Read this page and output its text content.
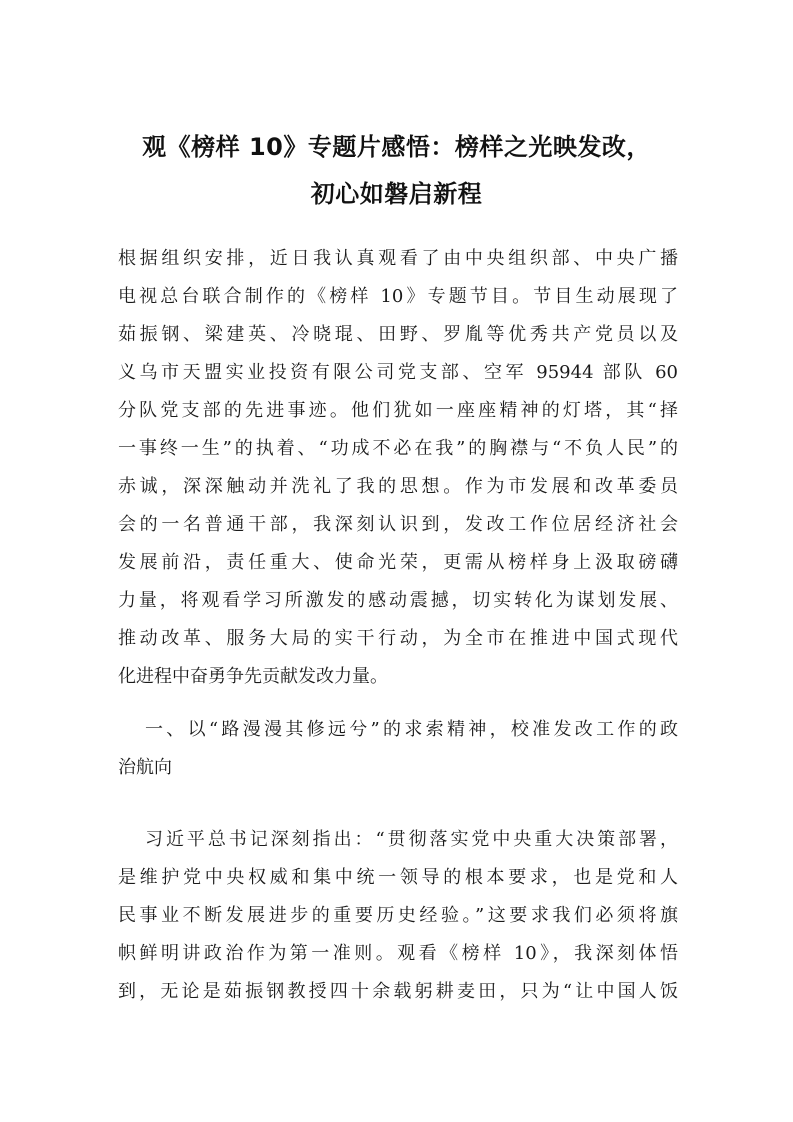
观《榜样 10》专题片感悟：榜样之光映发改，
初心如磐启新程
根据组织安排，近日我认真观看了由中央组织部、中央广播
电视总台联合制作的《榜样 10》专题节目。节目生动展现了
茹振钢、梁建英、冷晓琨、田野、罗胤等优秀共产党员以及
义乌市天盟实业投资有限公司党支部、空军 95944 部队 60
分队党支部的先进事迹。他们犹如一座座精神的灯塔，其“择
一事终一生”的执着、“功成不必在我”的胸襟与“不负人民”的
赤诚，深深触动并洗礼了我的思想。作为市发展和改革委员
会的一名普通干部，我深刻认识到，发改工作位居经济社会
发展前沿，责任重大、使命光荣，更需从榜样身上汲取磅礴
力量，将观看学习所激发的感动震撼，切实转化为谋划发展、
推动改革、服务大局的实干行动，为全市在推进中国式现代
化进程中奋勇争先贡献发改力量。
一、以“路漫漫其修远兮”的求索精神，校准发改工作的政
治航向
习近平总书记深刻指出：“贯彻落实党中央重大决策部署，
是维护党中央权威和集中统一领导的根本要求，也是党和人
民事业不断发展进步的重要历史经验。”这要求我们必须将旗
帜鲜明讲政治作为第一准则。观看《榜样 10》，我深刻体悟
到，无论是茹振钢教授四十余载躬耕麦田，只为“让中国人饭
